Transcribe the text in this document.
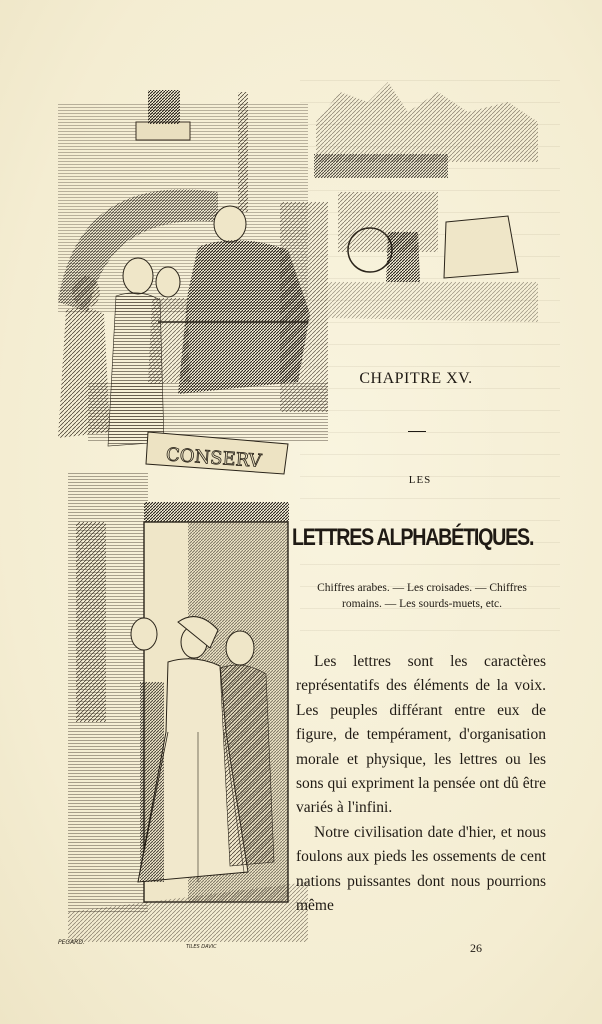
CONSERV
PEGARD.
TILES DAVIC
CHAPITRE XV.
LES
LETTRES ALPHABÉTIQUES.
Chiffres arabes. — Les croisades. — Chiffres
romains. — Les sourds-muets, etc.

Les lettres sont les caractères représentatifs des éléments de la voix. Les peuples différant entre eux de figure, de tempérament, d'organisation morale et physique, les lettres ou les sons qui expriment la pensée ont dû être variés à l'infini.

Notre civilisation date d'hier, et nous foulons aux pieds les ossements de cent nations puissantes dont nous pourrions même

26
